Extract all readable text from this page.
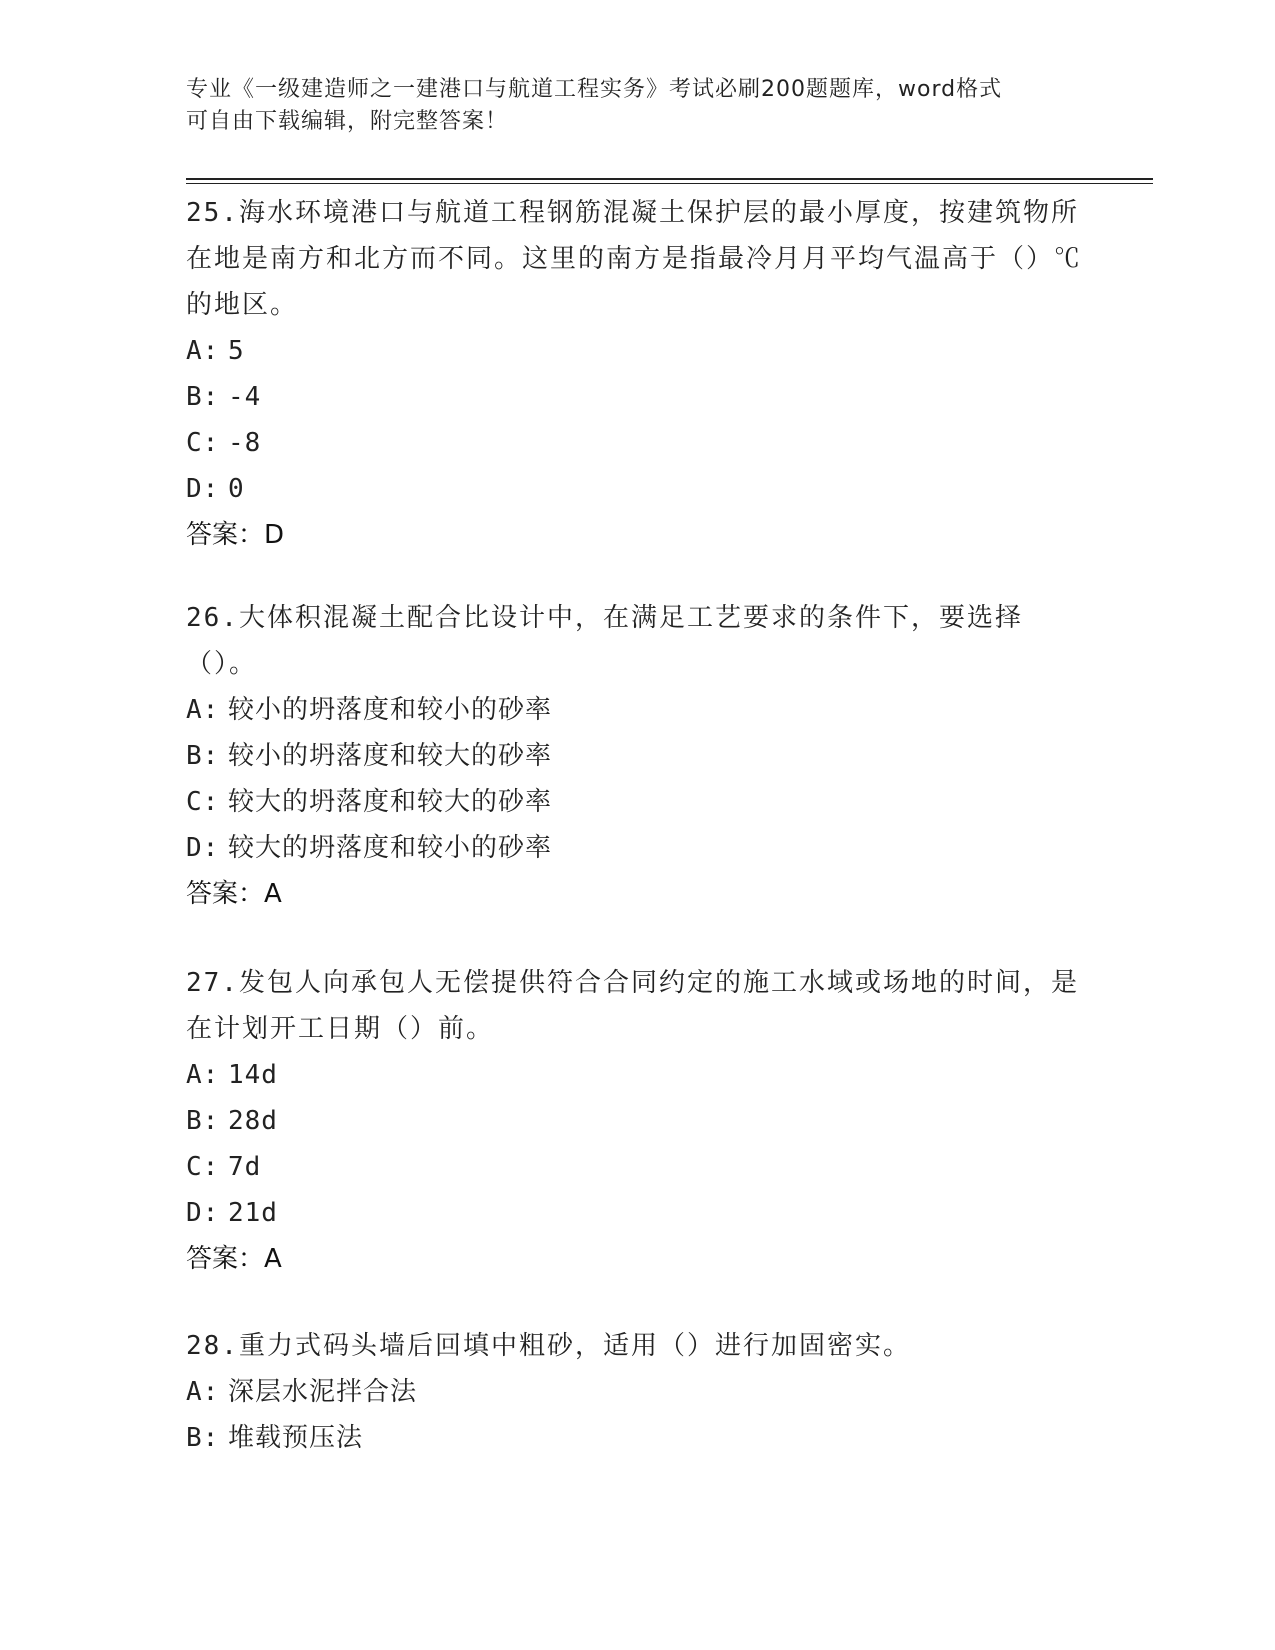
专业《一级建造师之一建港口与航道工程实务》考试必刷200题题库，word格式
可自由下载编辑，附完整答案！

25.海水环境港口与航道工程钢筋混凝土保护层的最小厚度，按建筑物所在地是南方和北方而不同。这里的南方是指最冷月月平均气温高于（）℃的地区。

A: 5
B: -4
C: -8
D: 0
答案：D

26.大体积混凝土配合比设计中，在满足工艺要求的条件下，要选择（）。

A: 较小的坍落度和较小的砂率
B: 较小的坍落度和较大的砂率
C: 较大的坍落度和较大的砂率
D: 较大的坍落度和较小的砂率
答案：A

27.发包人向承包人无偿提供符合合同约定的施工水域或场地的时间，是在计划开工日期（）前。

A: 14d
B: 28d
C: 7d
D: 21d
答案：A

28.重力式码头墙后回填中粗砂，适用（）进行加固密实。

A: 深层水泥拌合法
B: 堆载预压法
